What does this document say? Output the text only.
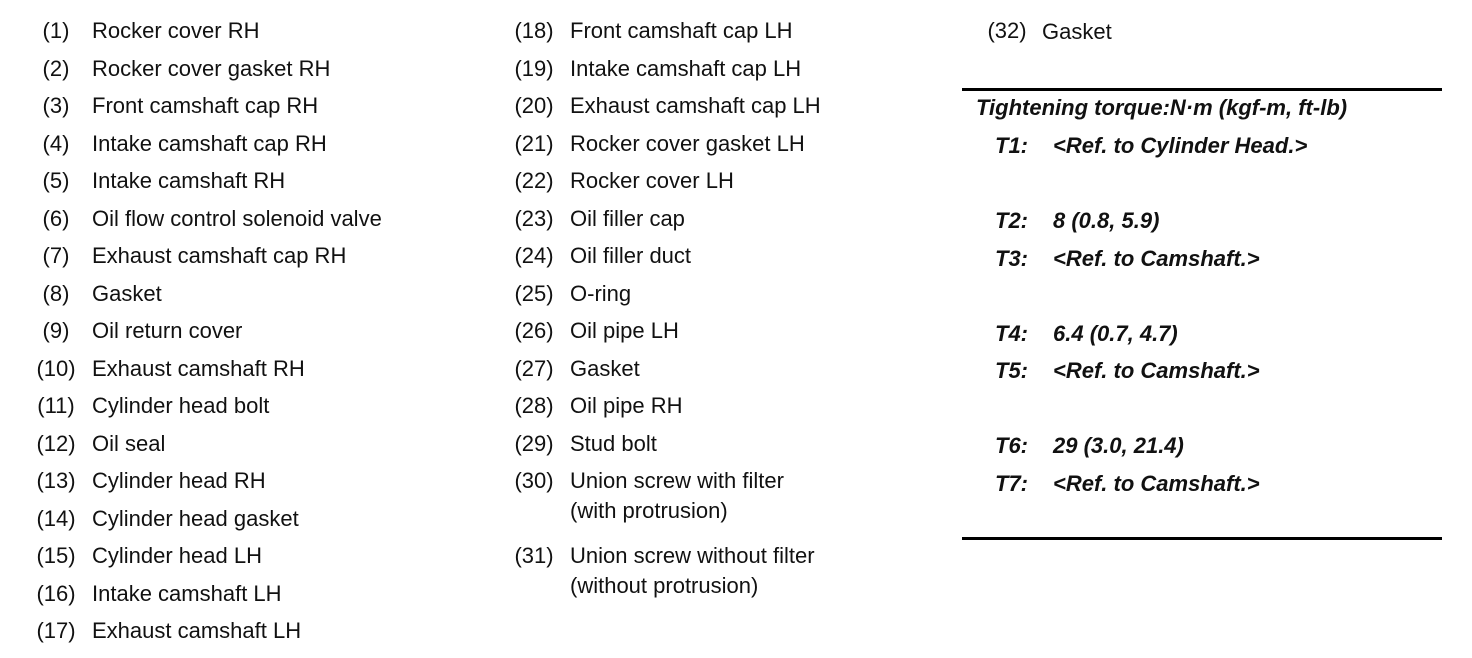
(1)	Rocker cover RH
(2)	Rocker cover gasket RH
(3)	Front camshaft cap RH
(4)	Intake camshaft cap RH
(5)	Intake camshaft RH
(6)	Oil flow control solenoid valve
(7)	Exhaust camshaft cap RH
(8)	Gasket
(9)	Oil return cover
(10) Exhaust camshaft RH
(11) Cylinder head bolt
(12) Oil seal
(13) Cylinder head RH
(14) Cylinder head gasket
(15) Cylinder head LH
(16) Intake camshaft LH
(17) Exhaust camshaft LH
(18) Front camshaft cap LH
(19) Intake camshaft cap LH
(20) Exhaust camshaft cap LH
(21) Rocker cover gasket LH
(22) Rocker cover LH
(23) Oil filler cap
(24) Oil filler duct
(25) O-ring
(26) Oil pipe LH
(27) Gasket
(28) Oil pipe RH
(29) Stud bolt
(30) Union screw with filter
(with protrusion)
(31) Union screw without filter
(without protrusion)
(32) Gasket
Tightening torque:N·m (kgf-m, ft-lb)
T1:	<Ref. to Cylinder Head.>
T2:	8 (0.8, 5.9)
T3:	<Ref. to Camshaft.>
T4:	6.4 (0.7, 4.7)
T5:	<Ref. to Camshaft.>
T6:	29 (3.0, 21.4)
T7:	<Ref. to Camshaft.>
